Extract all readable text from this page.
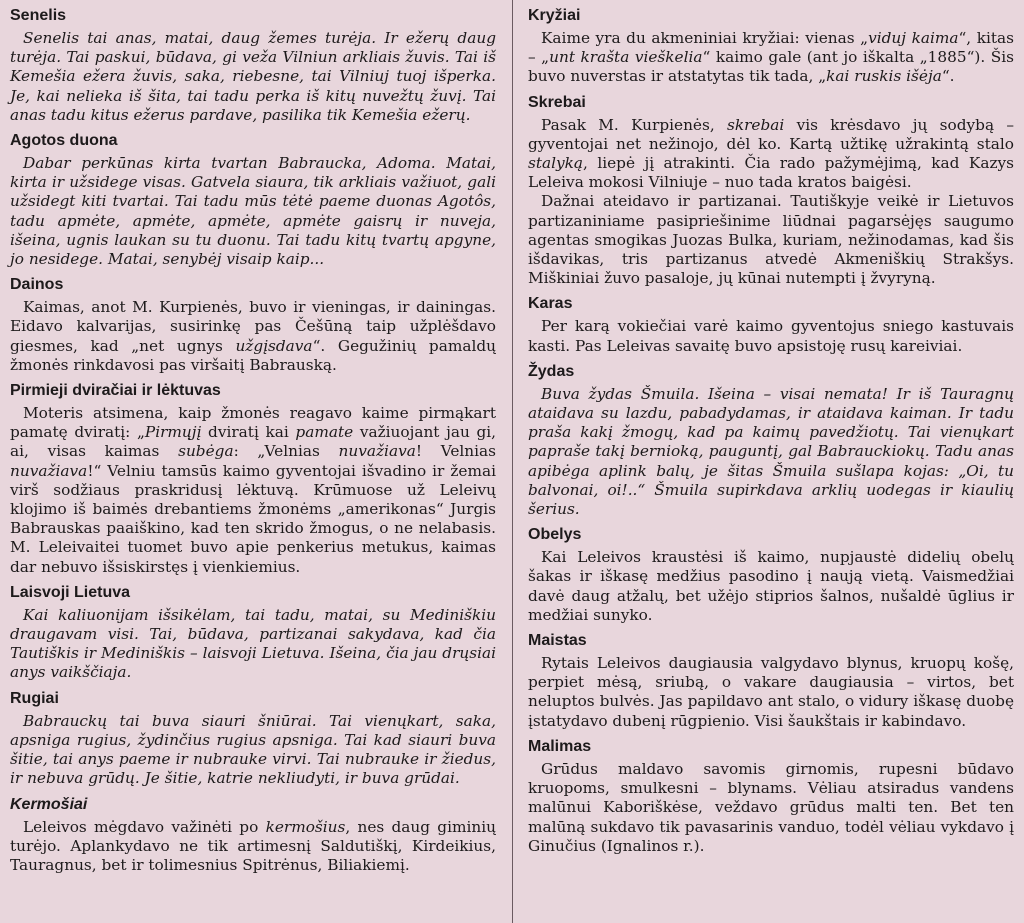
Senelis

Senelis tai anas, matai, daug žemes turėja. Ir ežerų daug turėja. Tai paskui, būdava, gi veža Vilniun arkliais žuvis. Tai iš Kemešia ežera žuvis, saka, riebesne, tai Vilniuj tuoj išperka. Je, kai nelieka iš šita, tai tadu perka iš kitų nuvežtų žuvį. Tai anas tadu kitus ežerus pardave, pasilika tik Kemešia ežerų.

Agotos duona

Dabar perkūnas kirta tvartan Babraucka, Adoma. Matai, kirta ir užsidege visas. Gatvela siaura, tik arkliais važiuot, gali užsidegt kiti tvartai. Tai tadu mūs tėtė paeme duonas Agotôs, tadu apmėte, apmėte, apmėte, apmėte gaisrų ir nuveja, išeina, ugnis laukan su tu duonu. Tai tadu kitų tvartų apgyne, jo nesidege. Matai, senybėj visaip kaip...

Dainos

Kaimas, anot M. Kurpienės, buvo ir vieningas, ir dainingas. Eidavo kalvarijas, susirinkę pas Češūną taip užplėšdavo giesmes, kad „net ugnys užgįsdava“. Gegužinių pamaldų žmonės rinkdavosi pas viršaitį Babrauską.

Pirmieji dviračiai ir lėktuvas

Moteris atsimena, kaip žmonės reagavo kaime pirmąkart pamatę dviratį: „Pirmųjį dviratį kai pamate važiuojant jau gi, ai, visas kaimas subėga: „Velnias nuvažiava! Velnias nuvažiava!“ Velniu tamsūs kaimo gyventojai išvadino ir žemai virš sodžiaus praskridusį lėktuvą. Krūmuose už Leleivų klojimo iš baimės drebantiems žmonėms „amerikonas“ Jurgis Babrauskas paaiškino, kad ten skrido žmogus, o ne nelabasis. M. Leleivaitei tuomet buvo apie penkerius metukus, kaimas dar nebuvo išsiskirstęs į vienkiemius.

Laisvoji Lietuva

Kai kaliuonijam išsikėlam, tai tadu, matai, su Mediniškiu draugavam visi. Tai, būdava, partizanai sakydava, kad čia Tautiškis ir Mediniškis – laisvoji Lietuva. Išeina, čia jau drųsiai anys vaikščiaja.

Rugiai

Babrauckų tai buva siauri šniūrai. Tai vienųkart, saka, apsniga rugius, žydinčius rugius apsniga. Tai kad siauri buva šitie, tai anys paeme ir nubrauke virvi. Tai nubrauke ir žiedus, ir nebuva grūdų. Je šitie, katrie nekliudyti, ir buva grūdai.

Kermošiai

Leleivos mėgdavo važinėti po kermošius, nes daug giminių turėjo. Aplankydavo ne tik artimesnį Saldutiškį, Kirdeikius, Tauragnus, bet ir tolimesnius Spitrėnus, Biliakiemį.

Kryžiai

Kaime yra du akmeniniai kryžiai: vienas „viduj kaima“, kitas – „unt krašta vieškelia“ kaimo gale (ant jo iškalta „1885“). Šis buvo nuverstas ir atstatytas tik tada, „kai ruskis išėja“.

Skrebai

Pasak M. Kurpienės, skrebai vis krėsdavo jų sodybą – gyventojai net nežinojo, dėl ko. Kartą užtikę užrakintą stalo stalyką, liepė jį atrakinti. Čia rado pažymėjimą, kad Kazys Leleiva mokosi Vilniuje – nuo tada kratos baigėsi.

Dažnai ateidavo ir partizanai. Tautiškyje veikė ir Lietuvos partizaniniame pasipriešinime liūdnai pagarsėjęs saugumo agentas smogikas Juozas Bulka, kuriam, nežinodamas, kad šis išdavikas, tris partizanus atvedė Akmeniškių Strakšys. Miškiniai žuvo pasaloje, jų kūnai nutempti į žvyryną.

Karas

Per karą vokiečiai varė kaimo gyventojus sniego kastuvais kasti. Pas Leleivas savaitę buvo apsistoję rusų kareiviai.

Žydas

Buva žydas Šmuila. Išeina – visai nemata! Ir iš Tauragnų ataidava su lazdu, pabadydamas, ir ataidava kaiman. Ir tadu praša kakį žmogų, kad pa kaimų pavedžiotų. Tai vienųkart papraše takį bernioką, pauguntį, gal Babrauckiokų. Tadu anas apibėga aplink balų, je šitas Šmuila sušlapa kojas: „Oi, tu balvonai, oi!..“ Šmuila supirkdava arklių uodegas ir kiaulių šerius.

Obelys

Kai Leleivos kraustėsi iš kaimo, nupjaustė didelių obelų šakas ir iškasę medžius pasodino į naują vietą. Vaismedžiai davė daug atžalų, bet užėjo stiprios šalnos, nušaldė ūglius ir medžiai sunyko.

Maistas

Rytais Leleivos daugiausia valgydavo blynus, kruopų košę, perpiet mėsą, sriubą, o vakare daugiausia – virtos, bet neluptos bulvės. Jas papildavo ant stalo, o vidury iškasę duobę įstatydavo dubenį rūgpienio. Visi šaukštais ir kabindavo.

Malimas

Grūdus maldavo savomis girnomis, rupesni būdavo kruopoms, smulkesni – blynams. Vėliau atsiradus vandens malūnui Kaboriškėse, veždavo grūdus malti ten. Bet ten malūną sukdavo tik pavasarinis vanduo, todėl vėliau vykdavo į Ginučius (Ignalinos r.).
